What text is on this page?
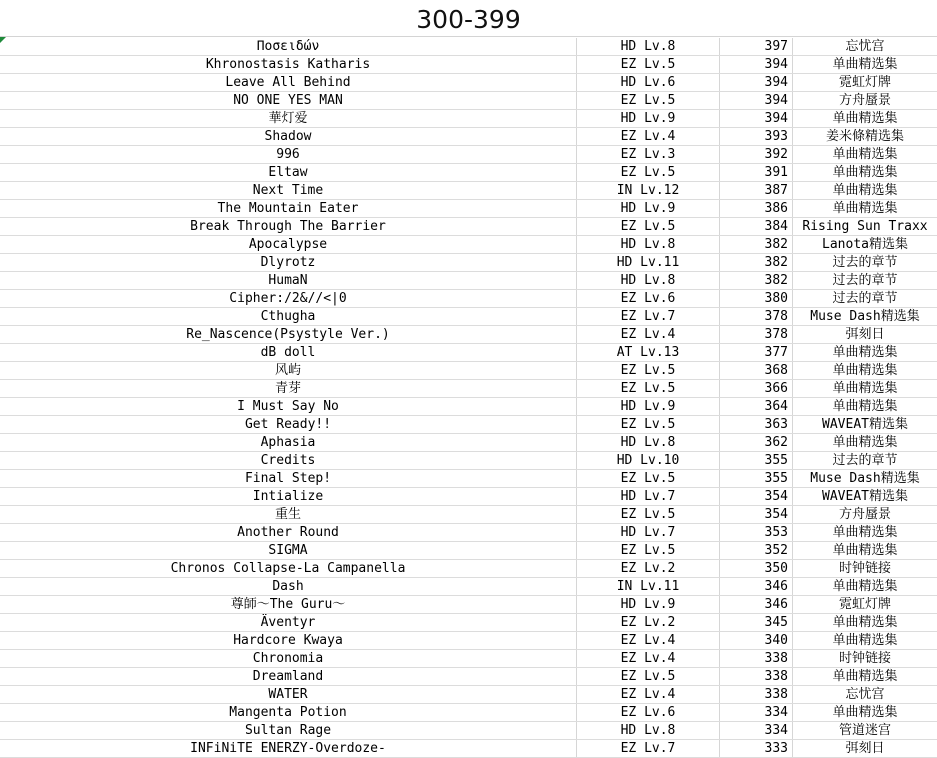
300-399
Ποσειδών	HD Lv.8	397	忘忧宫
Khronostasis Katharis	EZ Lv.5	394	单曲精选集
Leave All Behind	HD Lv.6	394	霓虹灯牌
NO ONE YES MAN	EZ Lv.5	394	方舟蜃景
華灯爱	HD Lv.9	394	单曲精选集
Shadow	EZ Lv.4	393	姜米條精选集
996	EZ Lv.3	392	单曲精选集
Eltaw	EZ Lv.5	391	单曲精选集
Next Time	IN Lv.12	387	单曲精选集
The Mountain Eater	HD Lv.9	386	单曲精选集
Break Through The Barrier	EZ Lv.5	384	Rising Sun Traxx
Apocalypse	HD Lv.8	382	Lanota精选集
Dlyrotz	HD Lv.11	382	过去的章节
HumaN	HD Lv.8	382	过去的章节
Cipher:/2&//<|0	EZ Lv.6	380	过去的章节
Cthugha	EZ Lv.7	378	Muse Dash精选集
Re_Nascence(Psystyle Ver.)	EZ Lv.4	378	弭刻日
dB doll	AT Lv.13	377	单曲精选集
风屿	EZ Lv.5	368	单曲精选集
青芽	EZ Lv.5	366	单曲精选集
I Must Say No	HD Lv.9	364	单曲精选集
Get Ready!!	EZ Lv.5	363	WAVEAT精选集
Aphasia	HD Lv.8	362	单曲精选集
Credits	HD Lv.10	355	过去的章节
Final Step!	EZ Lv.5	355	Muse Dash精选集
Intialize	HD Lv.7	354	WAVEAT精选集
重生	EZ Lv.5	354	方舟蜃景
Another Round	HD Lv.7	353	单曲精选集
SIGMA	EZ Lv.5	352	单曲精选集
Chronos Collapse-La Campanella	EZ Lv.2	350	时钟链接
Dash	IN Lv.11	346	单曲精选集
尊師～The Guru～	HD Lv.9	346	霓虹灯牌
Äventyr	EZ Lv.2	345	单曲精选集
Hardcore Kwaya	EZ Lv.4	340	单曲精选集
Chronomia	EZ Lv.4	338	时钟链接
Dreamland	EZ Lv.5	338	单曲精选集
WATER	EZ Lv.4	338	忘忧宫
Mangenta Potion	EZ Lv.6	334	单曲精选集
Sultan Rage	HD Lv.8	334	管道迷宫
INFiNiTE ENERZY-Overdoze-	EZ Lv.7	333	弭刻日
